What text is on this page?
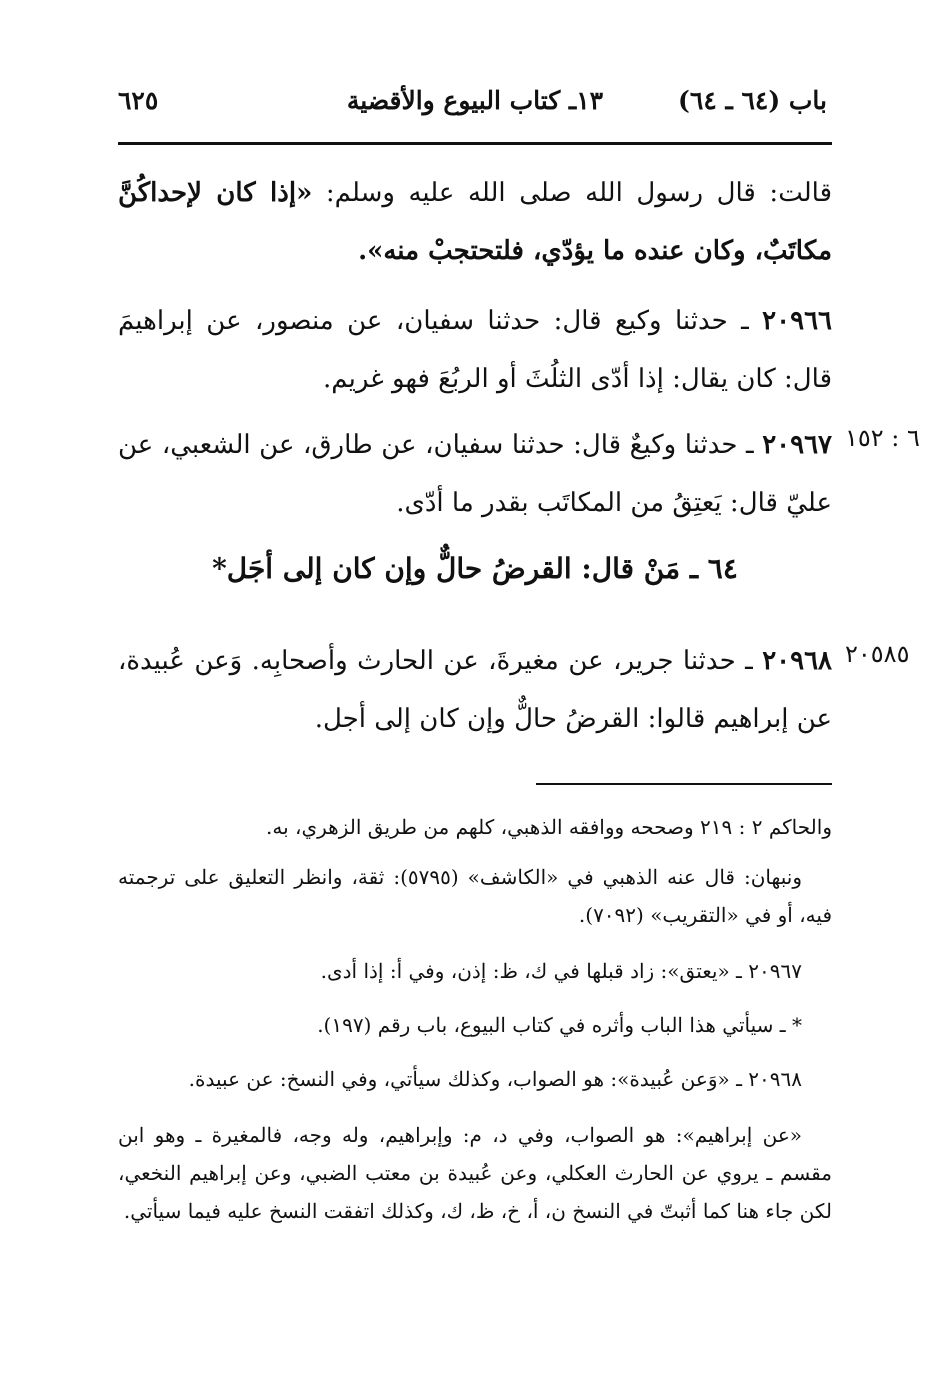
باب (٦٤ ـ ٦٤)
١٣ـ كتاب البيوع والأقضية
٦٢٥
قالت: قال رسول الله صلى الله عليه وسلم: «إذا كان لإحداكُنَّ مكاتَبٌ، وكان عنده ما يؤدّي، فلتحتجبْ منه».
٢٠٩٦٦ ـ حدثنا وكيع قال: حدثنا سفيان، عن منصور، عن إبراهيمَ قال: كان يقال: إذا أدّى الثلُثَ أو الربُعَ فهو غريم.
٦ : ١٥٢
٢٠٩٦٧ ـ حدثنا وكيعٌ قال: حدثنا سفيان، عن طارق، عن الشعبي، عن عليّ قال: يَعتِقُ من المكاتَب بقدر ما أدّى.
٦٤ ـ مَنْ قال: القرضُ حالٌّ وإن كان إلى أجَل*
٢٠٥٨٥
٢٠٩٦٨ ـ حدثنا جرير، عن مغيرةَ، عن الحارث وأصحابِه. وَعن عُبيدة، عن إبراهيم قالوا: القرضُ حالٌّ وإن كان إلى أجل.
والحاكم ٢ : ٢١٩ وصححه ووافقه الذهبي، كلهم من طريق الزهري، به.
ونبهان: قال عنه الذهبي في «الكاشف» (٥٧٩٥): ثقة، وانظر التعليق على ترجمته فيه، أو في «التقريب» (٧٠٩٢).
٢٠٩٦٧ ـ «يعتق»: زاد قبلها في ك، ظ: إذن، وفي أ: إذا أدى.
* ـ سيأتي هذا الباب وأثره في كتاب البيوع، باب رقم (١٩٧).
٢٠٩٦٨ ـ «وَعن عُبيدة»: هو الصواب، وكذلك سيأتي، وفي النسخ: عن عبيدة.
«عن إبراهيم»: هو الصواب، وفي د، م: وإبراهيم، وله وجه، فالمغيرة ـ وهو ابن مقسم ـ يروي عن الحارث العكلي، وعن عُبيدة بن معتب الضبي، وعن إبراهيم النخعي، لكن جاء هنا كما أثبتّ في النسخ ن، أ، خ، ظ، ك، وكذلك اتفقت النسخ عليه فيما سيأتي.
